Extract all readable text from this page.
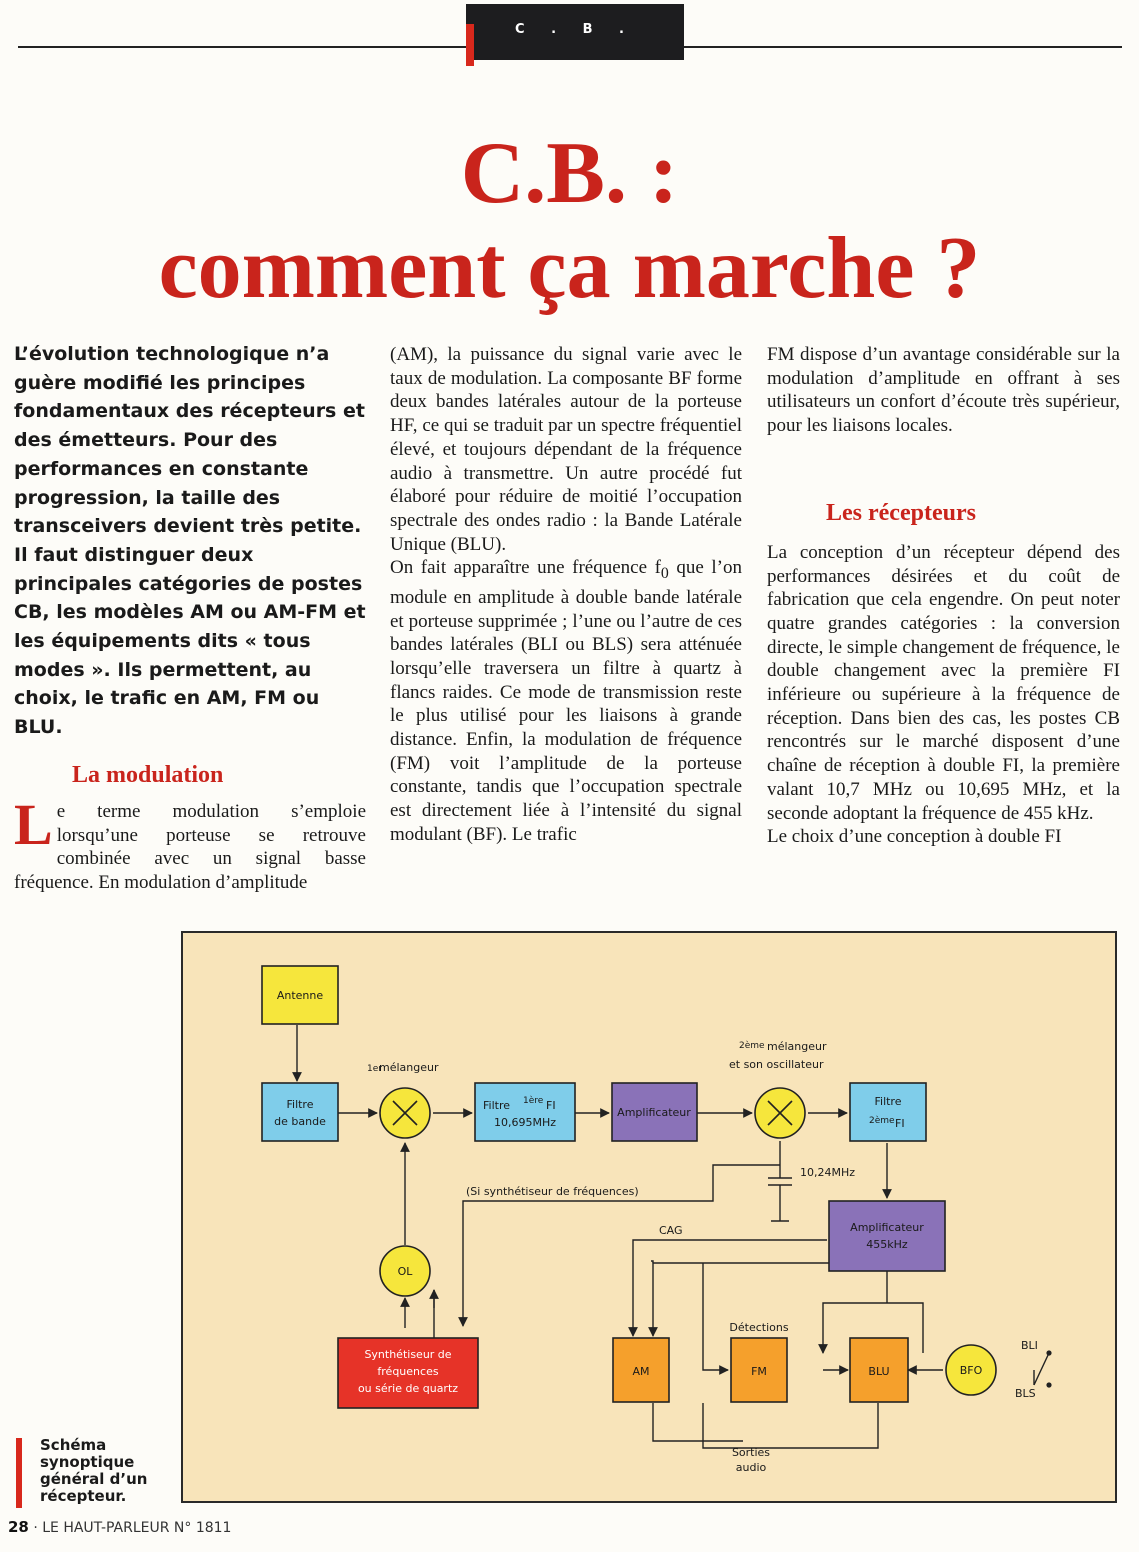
C . B .
C.B. :
comment ça marche ?
L’évolution technologique n’a guère modifié les principes fondamentaux des récepteurs et des émetteurs. Pour des performances en constante progression, la taille des transceivers devient très petite. Il faut distinguer deux principales catégories de postes CB, les modèles AM ou AM-FM et les équipements dits « tous modes ». Ils permettent, au choix, le trafic en AM, FM ou BLU.
La modulation

Le terme modulation s’emploie lorsqu’une porteuse se retrouve combinée avec un signal basse fréquence. En modulation d’amplitude

(AM), la puissance du signal varie avec le taux de modulation. La composante BF forme deux bandes latérales autour de la porteuse HF, ce qui se traduit par un spectre fréquentiel élevé, et toujours dépendant de la fréquence audio à transmettre. Un autre procédé fut élaboré pour réduire de moitié l’occupation spectrale des ondes radio : la Bande Latérale Unique (BLU).

On fait apparaître une fréquence $f_0$ que l’on module en amplitude à double bande latérale et porteuse supprimée ; l’une ou l’autre de ces bandes latérales (BLI ou BLS) sera atténuée lorsqu’elle traversera un filtre à quartz à flancs raides. Ce mode de transmission reste le plus utilisé pour les liaisons à grande distance. Enfin, la modulation de fréquence (FM) voit l’amplitude de la porteuse constante, tandis que l’occupation spectrale est directement liée à l’intensité du signal modulant (BF). Le trafic

FM dispose d’un avantage considérable sur la modulation d’amplitude en offrant à ses utilisateurs un confort d’écoute très supérieur, pour les liaisons locales.

La conception d’un récepteur dépend des performances désirées et du coût de fabrication que cela engendre. On peut noter quatre grandes catégories : la conversion directe, le simple changement de fréquence, le double changement avec la première FI inférieure ou supérieure à la fréquence de réception. Dans bien des cas, les postes CB rencontrés sur le marché disposent d’une chaîne de réception à double FI, la première valant 10,7 MHz ou 10,695 MHz, et la seconde adoptant la fréquence de 455 kHz.

Le choix d’une conception à double FI

Les récepteurs
Antenne
Filtre
de bande
1er
mélangeur
Filtre 1ère FI
10,695MHz
Amplificateur
2ème mélangeur
et son oscillateur
Filtre
2ème FI
10,24MHz
(Si synthétiseur de fréquences)
CAG	Amplificateur
455kHz
OL
Synthétiseur de
fréquences
ou série de quartz
Détections
AM	FM	BLU	BFO
BLI
BLS
Sorties
audio
Schéma synoptique général d’un récepteur.
28 · LE HAUT-PARLEUR N° 1811
